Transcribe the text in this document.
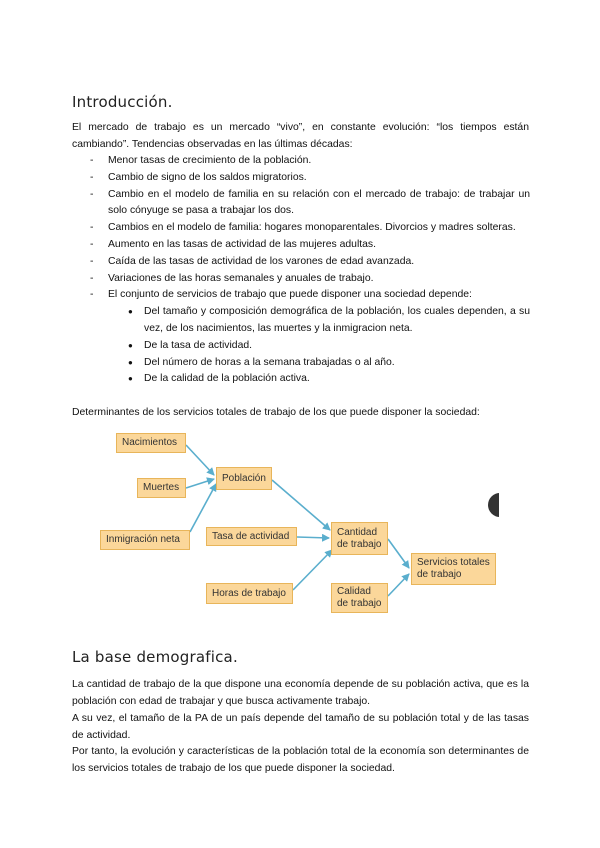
Introducción.
El mercado de trabajo es un mercado “vivo”, en constante evolución: “los tiempos están cambiando”. Tendencias observadas en las últimas décadas:
- Menor tasas de crecimiento de la población.
- Cambio de signo de los saldos migratorios.
- Cambio en el modelo de familia en su relación con el mercado de trabajo: de trabajar un solo cónyuge se pasa a trabajar los dos.
- Cambios en el modelo de familia: hogares monoparentales. Divorcios y madres solteras.
- Aumento en las tasas de actividad de las mujeres adultas.
- Caída de las tasas de actividad de los varones de edad avanzada.
- Variaciones de las horas semanales y anuales de trabajo.
- El conjunto de servicios de trabajo que puede disponer una sociedad depende:
● Del tamaño y composición demográfica de la población, los cuales dependen, a su vez, de los nacimientos, las muertes y la inmigracion neta.
● De la tasa de actividad.
● Del número de horas a la semana trabajadas o al año.
● De la calidad de la población activa.
Determinantes de los servicios totales de trabajo de los que puede disponer la sociedad:
Nacimientos
Muertes
Inmigración neta
Población
Tasa de actividad
Horas de trabajo
Cantidad de trabajo
Calidad de trabajo
Servicios totales de trabajo
La base demografica.
La cantidad de trabajo de la que dispone una economía depende de su población activa, que es la población con edad de trabajar y que busca activamente trabajo.
A su vez, el tamaño de la PA de un país depende del tamaño de su población total y de las tasas de actividad.
Por tanto, la evolución y características de la población total de la economía son determinantes de los servicios totales de trabajo de los que puede disponer la sociedad.
